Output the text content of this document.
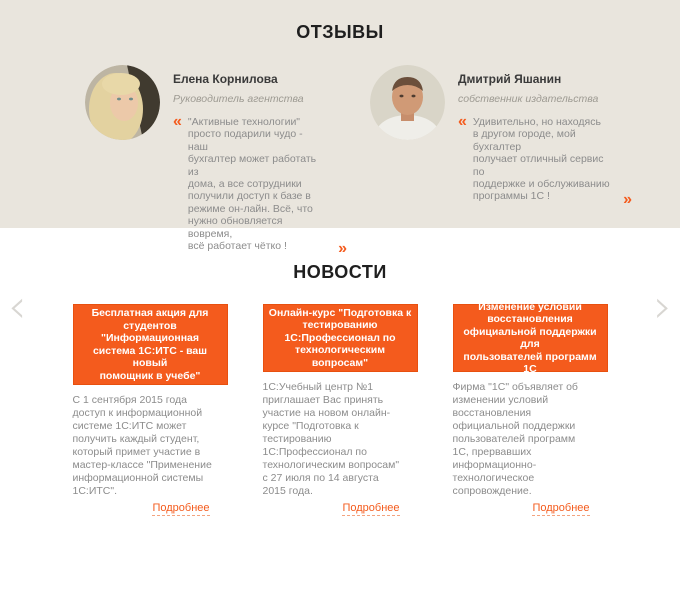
ОТЗЫВЫ
Елена Корнилова
Руководитель агентства
« "Активные технологии"
просто подарили чудо - наш
бухгалтер может работать из
дома, а все сотрудники
получили доступ к базе в
режиме он-лайн. Всё, что
нужно обновляется вовремя,
всё работает чётко !	»
Дмитрий Яшанин
собственник издательства
« Удивительно, но находясь
в другом городе, мой
бухгалтер
получает отличный сервис
по
поддержке и обслуживанию
программы 1С !	»
НОВОСТИ
‹	›
Бесплатная акция для
студентов "Информационная
система 1С:ИТС - ваш новый
помощник в учебе"
С 1 сентября 2015 года
доступ к информационной
системе 1С:ИТС может
получить каждый студент,
который примет участие в
мастер-классе "Применение
информационной системы
1С:ИТС".
Подробнее
Онлайн-курс "Подготовка к
тестированию
1С:Профессионал по
технологическим вопросам"
1С:Учебный центр №1
приглашает Вас принять
участие на новом онлайн-
курсе "Подготовка к
тестированию
1С:Профессионал по
технологическим вопросам"
с 27 июля по 14 августа
2015 года.
Подробнее
Изменение условий
восстановления
официальной поддержки для
пользователей программ 1С
Фирма "1С" объявляет об
изменении условий
восстановления
официальной поддержки
пользователей программ
1С, прервавших
информационно-
технологическое
сопровождение.
Подробнее
